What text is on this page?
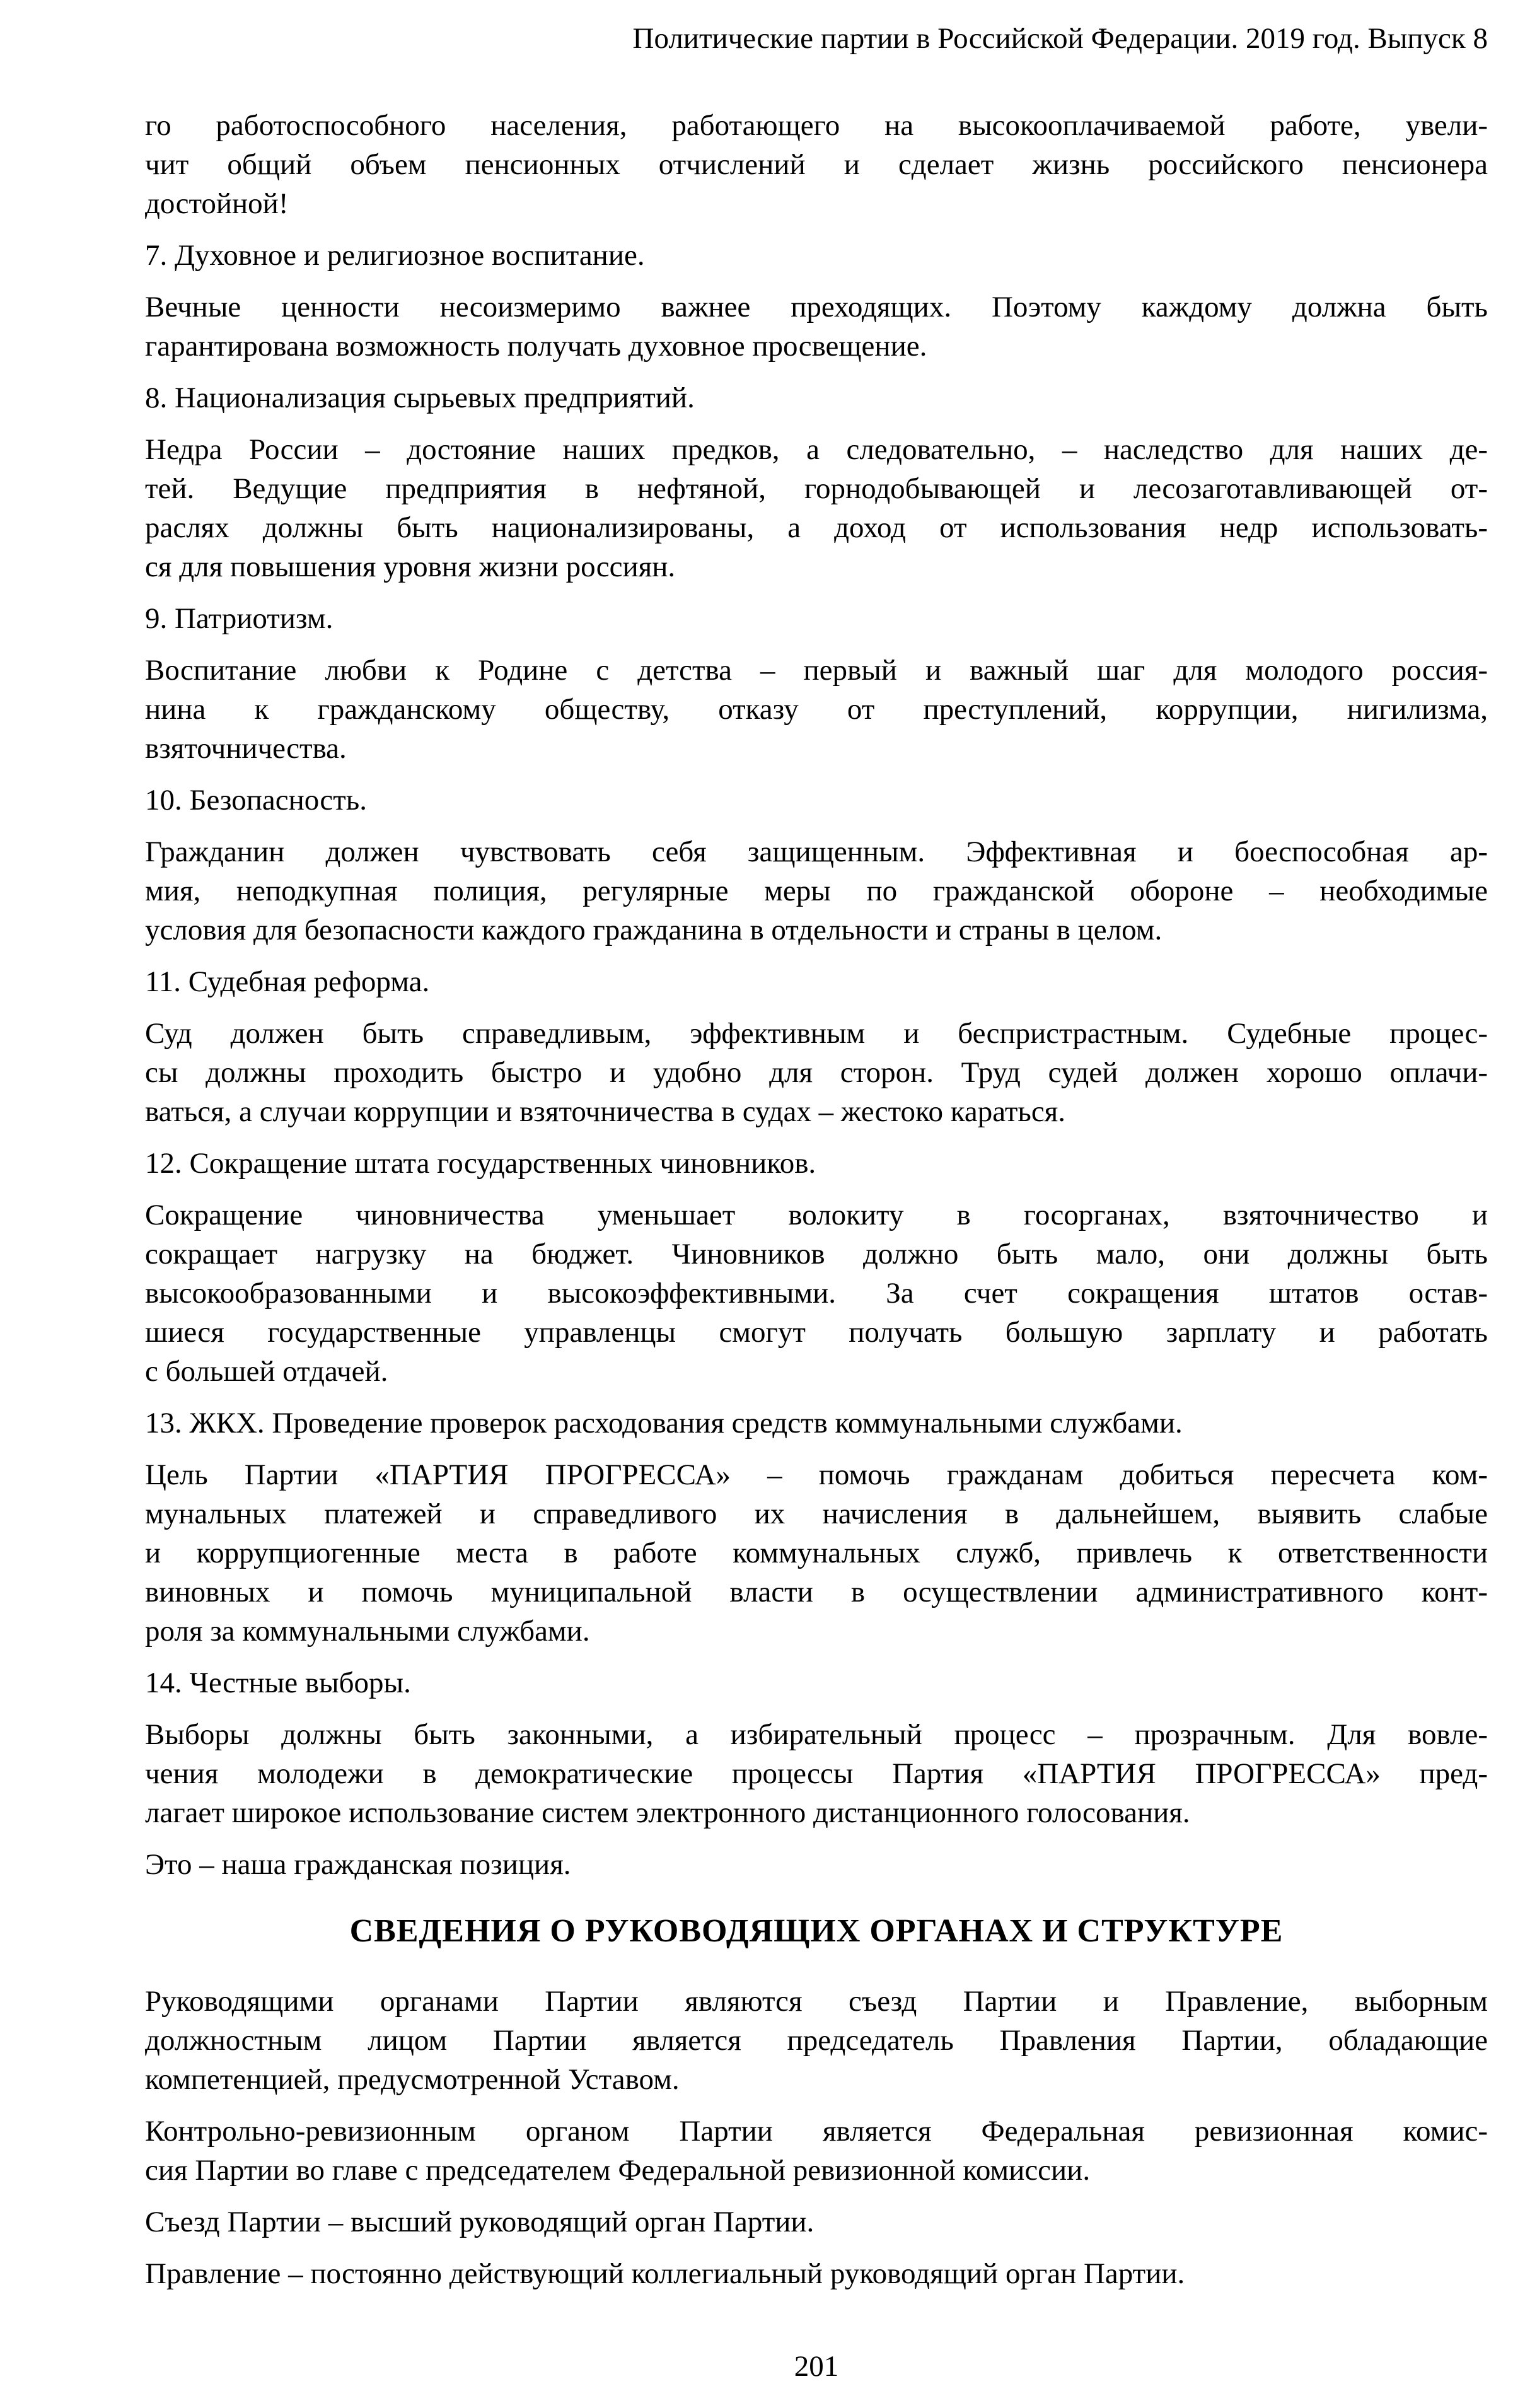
Политические партии в Российской Федерации. 2019 год. Выпуск 8

го работоспособного населения, работающего на высокооплачиваемой работе, увели-
чит общий объем пенсионных отчислений и сделает жизнь российского пенсионера
достойной!

7. Духовное и религиозное воспитание.

Вечные ценности несоизмеримо важнее преходящих. Поэтому каждому должна быть
гарантирована возможность получать духовное просвещение.

8. Национализация сырьевых предприятий.

Недра России – достояние наших предков, а следовательно, – наследство для наших де-
тей. Ведущие предприятия в нефтяной, горнодобывающей и лесозаготавливающей от-
раслях должны быть национализированы, а доход от использования недр использовать-
ся для повышения уровня жизни россиян.

9. Патриотизм.

Воспитание любви к Родине с детства – первый и важный шаг для молодого россия-
нина к гражданскому обществу, отказу от преступлений, коррупции, нигилизма,
взяточничества.

10. Безопасность.

Гражданин должен чувствовать себя защищенным. Эффективная и боеспособная ар-
мия, неподкупная полиция, регулярные меры по гражданской обороне – необходимые
условия для безопасности каждого гражданина в отдельности и страны в целом.

11. Судебная реформа.

Суд должен быть справедливым, эффективным и беспристрастным. Судебные процес-
сы должны проходить быстро и удобно для сторон. Труд судей должен хорошо оплачи-
ваться, а случаи коррупции и взяточничества в судах – жестоко караться.

12. Сокращение штата государственных чиновников.

Сокращение чиновничества уменьшает волокиту в госорганах, взяточничество и
сокращает нагрузку на бюджет. Чиновников должно быть мало, они должны быть
высокообразованными и высокоэффективными. За счет сокращения штатов остав-
шиеся государственные управленцы смогут получать большую зарплату и работать
с большей отдачей.

13. ЖКХ. Проведение проверок расходования средств коммунальными службами.

Цель Партии «ПАРТИЯ ПРОГРЕССА» – помочь гражданам добиться пересчета ком-
мунальных платежей и справедливого их начисления в дальнейшем, выявить слабые
и коррупциогенные места в работе коммунальных служб, привлечь к ответственности
виновных и помочь муниципальной власти в осуществлении административного конт-
роля за коммунальными службами.

14. Честные выборы.

Выборы должны быть законными, а избирательный процесс – прозрачным. Для вовле-
чения молодежи в демократические процессы Партия «ПАРТИЯ ПРОГРЕССА» пред-
лагает широкое использование систем электронного дистанционного голосования.

Это – наша гражданская позиция.

СВЕДЕНИЯ О РУКОВОДЯЩИХ ОРГАНАХ И СТРУКТУРЕ

Руководящими органами Партии являются съезд Партии и Правление, выборным
должностным лицом Партии является председатель Правления Партии, обладающие
компетенцией, предусмотренной Уставом.

Контрольно-ревизионным органом Партии является Федеральная ревизионная комис-
сия Партии во главе с председателем Федеральной ревизионной комиссии.

Съезд Партии – высший руководящий орган Партии.

Правление – постоянно действующий коллегиальный руководящий орган Партии.

201
